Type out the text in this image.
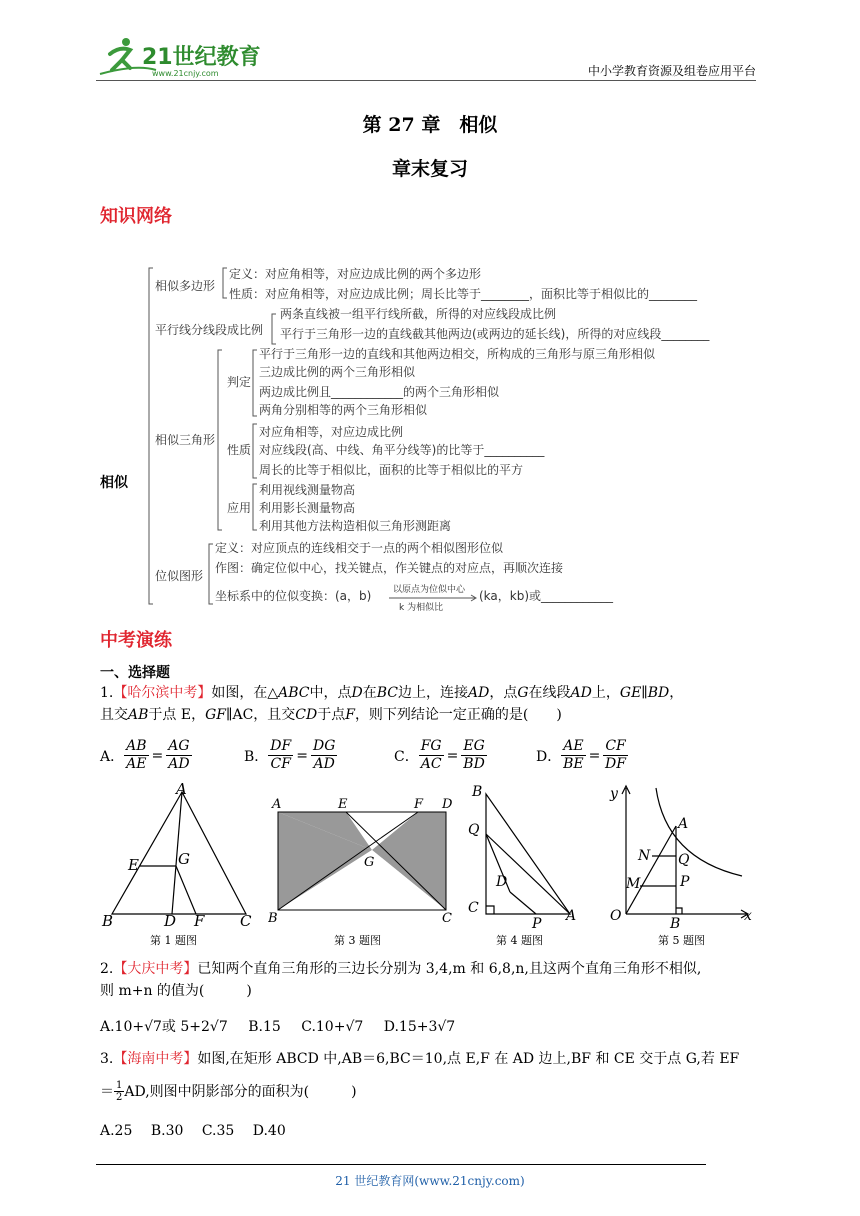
21世纪教育
www.21cnjy.com	中小学教育资源及组卷应用平台
第 27 章　相似
章末复习
知识网络
相似多边形
定义：对应角相等，对应边成比例的两个多边形
性质：对应角相等，对应边成比例；周长比等于________，面积比等于相似比的________
平行线分线段成比例
两条直线被一组平行线所截，所得的对应线段成比例
平行于三角形一边的直线截其他两边(或两边的延长线)，所得的对应线段________
相似三角形
判定
平行于三角形一边的直线和其他两边相交，所构成的三角形与原三角形相似
三边成比例的两个三角形相似
两边成比例且____________的两个三角形相似
两角分别相等的两个三角形相似
性质
对应角相等，对应边成比例
对应线段(高、中线、角平分线等)的比等于__________
周长的比等于相似比，面积的比等于相似比的平方
应用
利用视线测量物高
利用影长测量物高
利用其他方法构造相似三角形测距离
位似图形
定义：对应顶点的连线相交于一点的两个相似图形位似
作图：确定位似中心，找关键点，作关键点的对应点，再顺次连接
坐标系中的位似变换：(a，b) 以原点为位似中心
k 为相似比
(ka，kb)或____________
相似
中考演练
一、选择题
1.【哈尔滨中考】如图，在△ABC中，点D在BC边上，连接AD，点G在线段AD上，GE∥BD，
且交AB于点 E，GF∥AC，且交CD于点F，则下列结论一定正确的是(　　)
A． $\frac{AB}{AE} = \frac{AG}{AD}$	B． $\frac{DF}{CF} = \frac{DG}{AD}$	C． $\frac{FG}{AC} = \frac{EG}{BD}$	D． $\frac{AE}{BE} = \frac{CF}{DF}$
A
B	D F C
E	G
第 1 题图
A	E	F D
B	C
G
第 3 题图
B
Q
D
C
P A
第 4 题图
y
x
O
A
N Q
M	P
B
第 5 题图
2.【大庆中考】已知两个直角三角形的三边长分别为 3,4,m 和 6,8,n,且这两个直角三角形不相似,
则 m+n 的值为(　　　)
A.10+√7或 5+2√7 B.15 C.10+√7 D.15+3√7
3.【海南中考】如图,在矩形 ABCD 中,AB＝6,BC＝10,点 E,F 在 AD 边上,BF 和 CE 交于点 G,若 EF
＝ $\frac{1}{2}$ AD,则图中阴影部分的面积为(　　　)
A.25　 B.30　 C.35　 D.40
21 世纪教育网(www.21cnjy.com)
